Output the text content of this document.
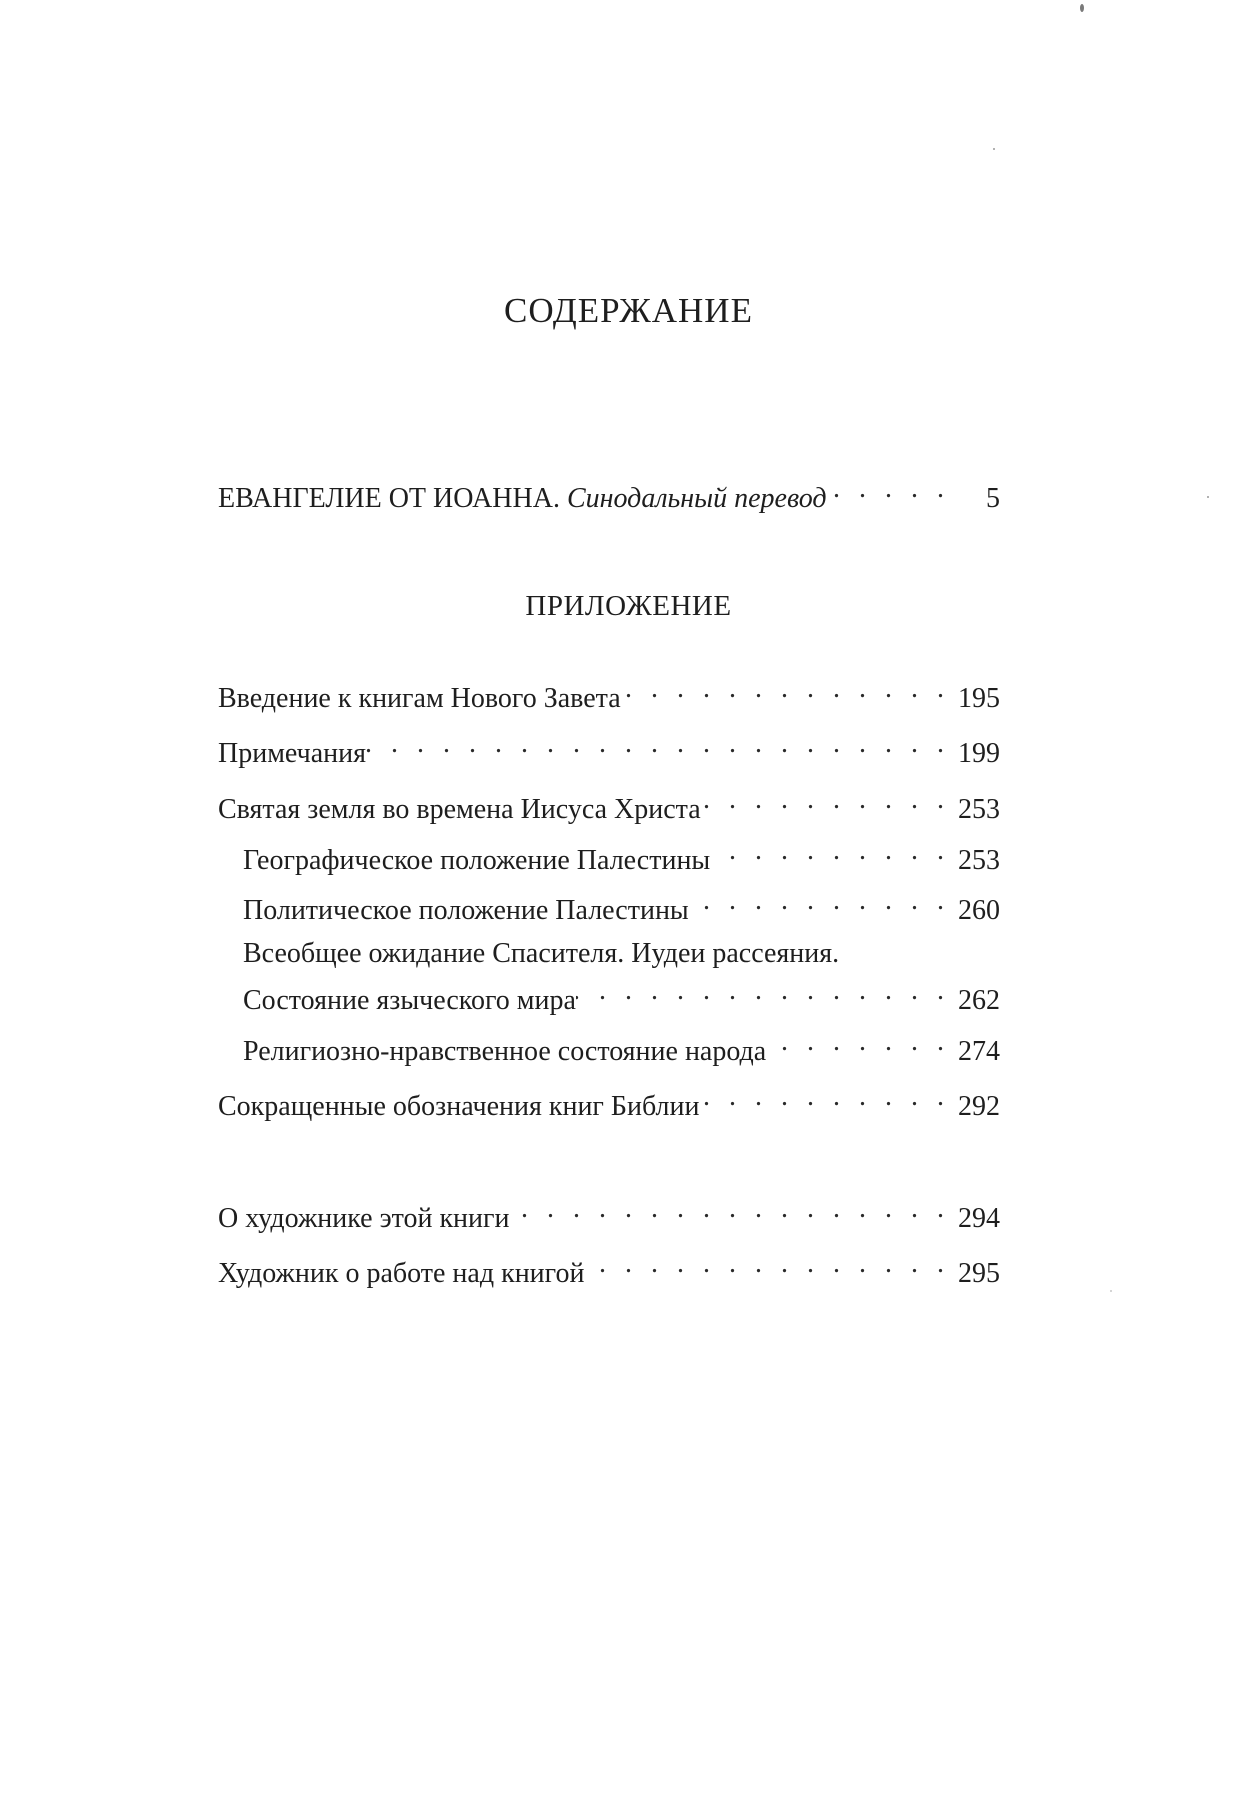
СОДЕРЖАНИЕ
ЕВАНГЕЛИЕ ОТ ИОАННА. Синодальный перевод . . .	5
ПРИЛОЖЕНИЕ
Введение к книгам Нового Завета . . .	195
Примечания . . .	199
Святая земля во времена Иисуса Христа . . .	253
Географическое положение Палестины . . .	253
Политическое положение Палестины . . .	260
Всеобщее ожидание Спасителя. Иудеи рассеяния.
Состояние языческого мира . . .	262
Религиозно-нравственное состояние народа . . .	274
Сокращенные обозначения книг Библии . . .	292
О художнике этой книги . . .	294
Художник о работе над книгой . . .	295
